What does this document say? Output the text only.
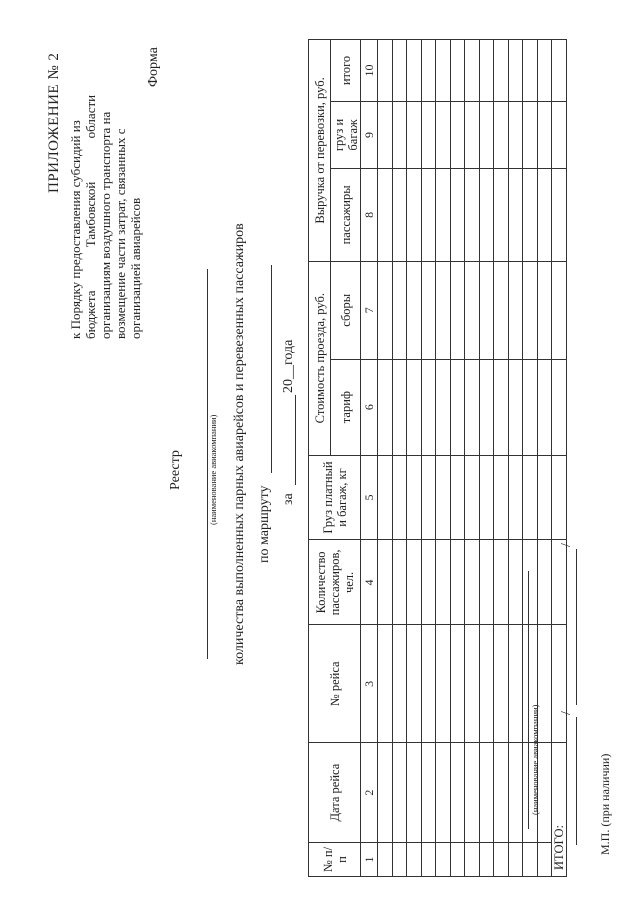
ПРИЛОЖЕНИЕ № 2 к Порядку предоставления субсидий из бюджета Тамбовской области организациям воздушного транспорта на возмещение части затрат, связанных с организацией авиарейсов
Форма
Реестр	(наименование авиакомпании) количества выполненных парных авиарейсов и перевезенных пассажиров по маршруту за
20__года
№ п/п	Дата рейса	№ рейса	Количество пассажиров, чел.	Груз платный и багаж, кг	Стоимость проезда, руб.		Выручка от перевозки, руб.		
					тариф	сборы	пассажиры	груз и багаж	итого
1	2	3	4	5	6	7	8	9	10

ИТОГО:									
(наименование авиакомпании) /
/
М.П. (при наличии)
